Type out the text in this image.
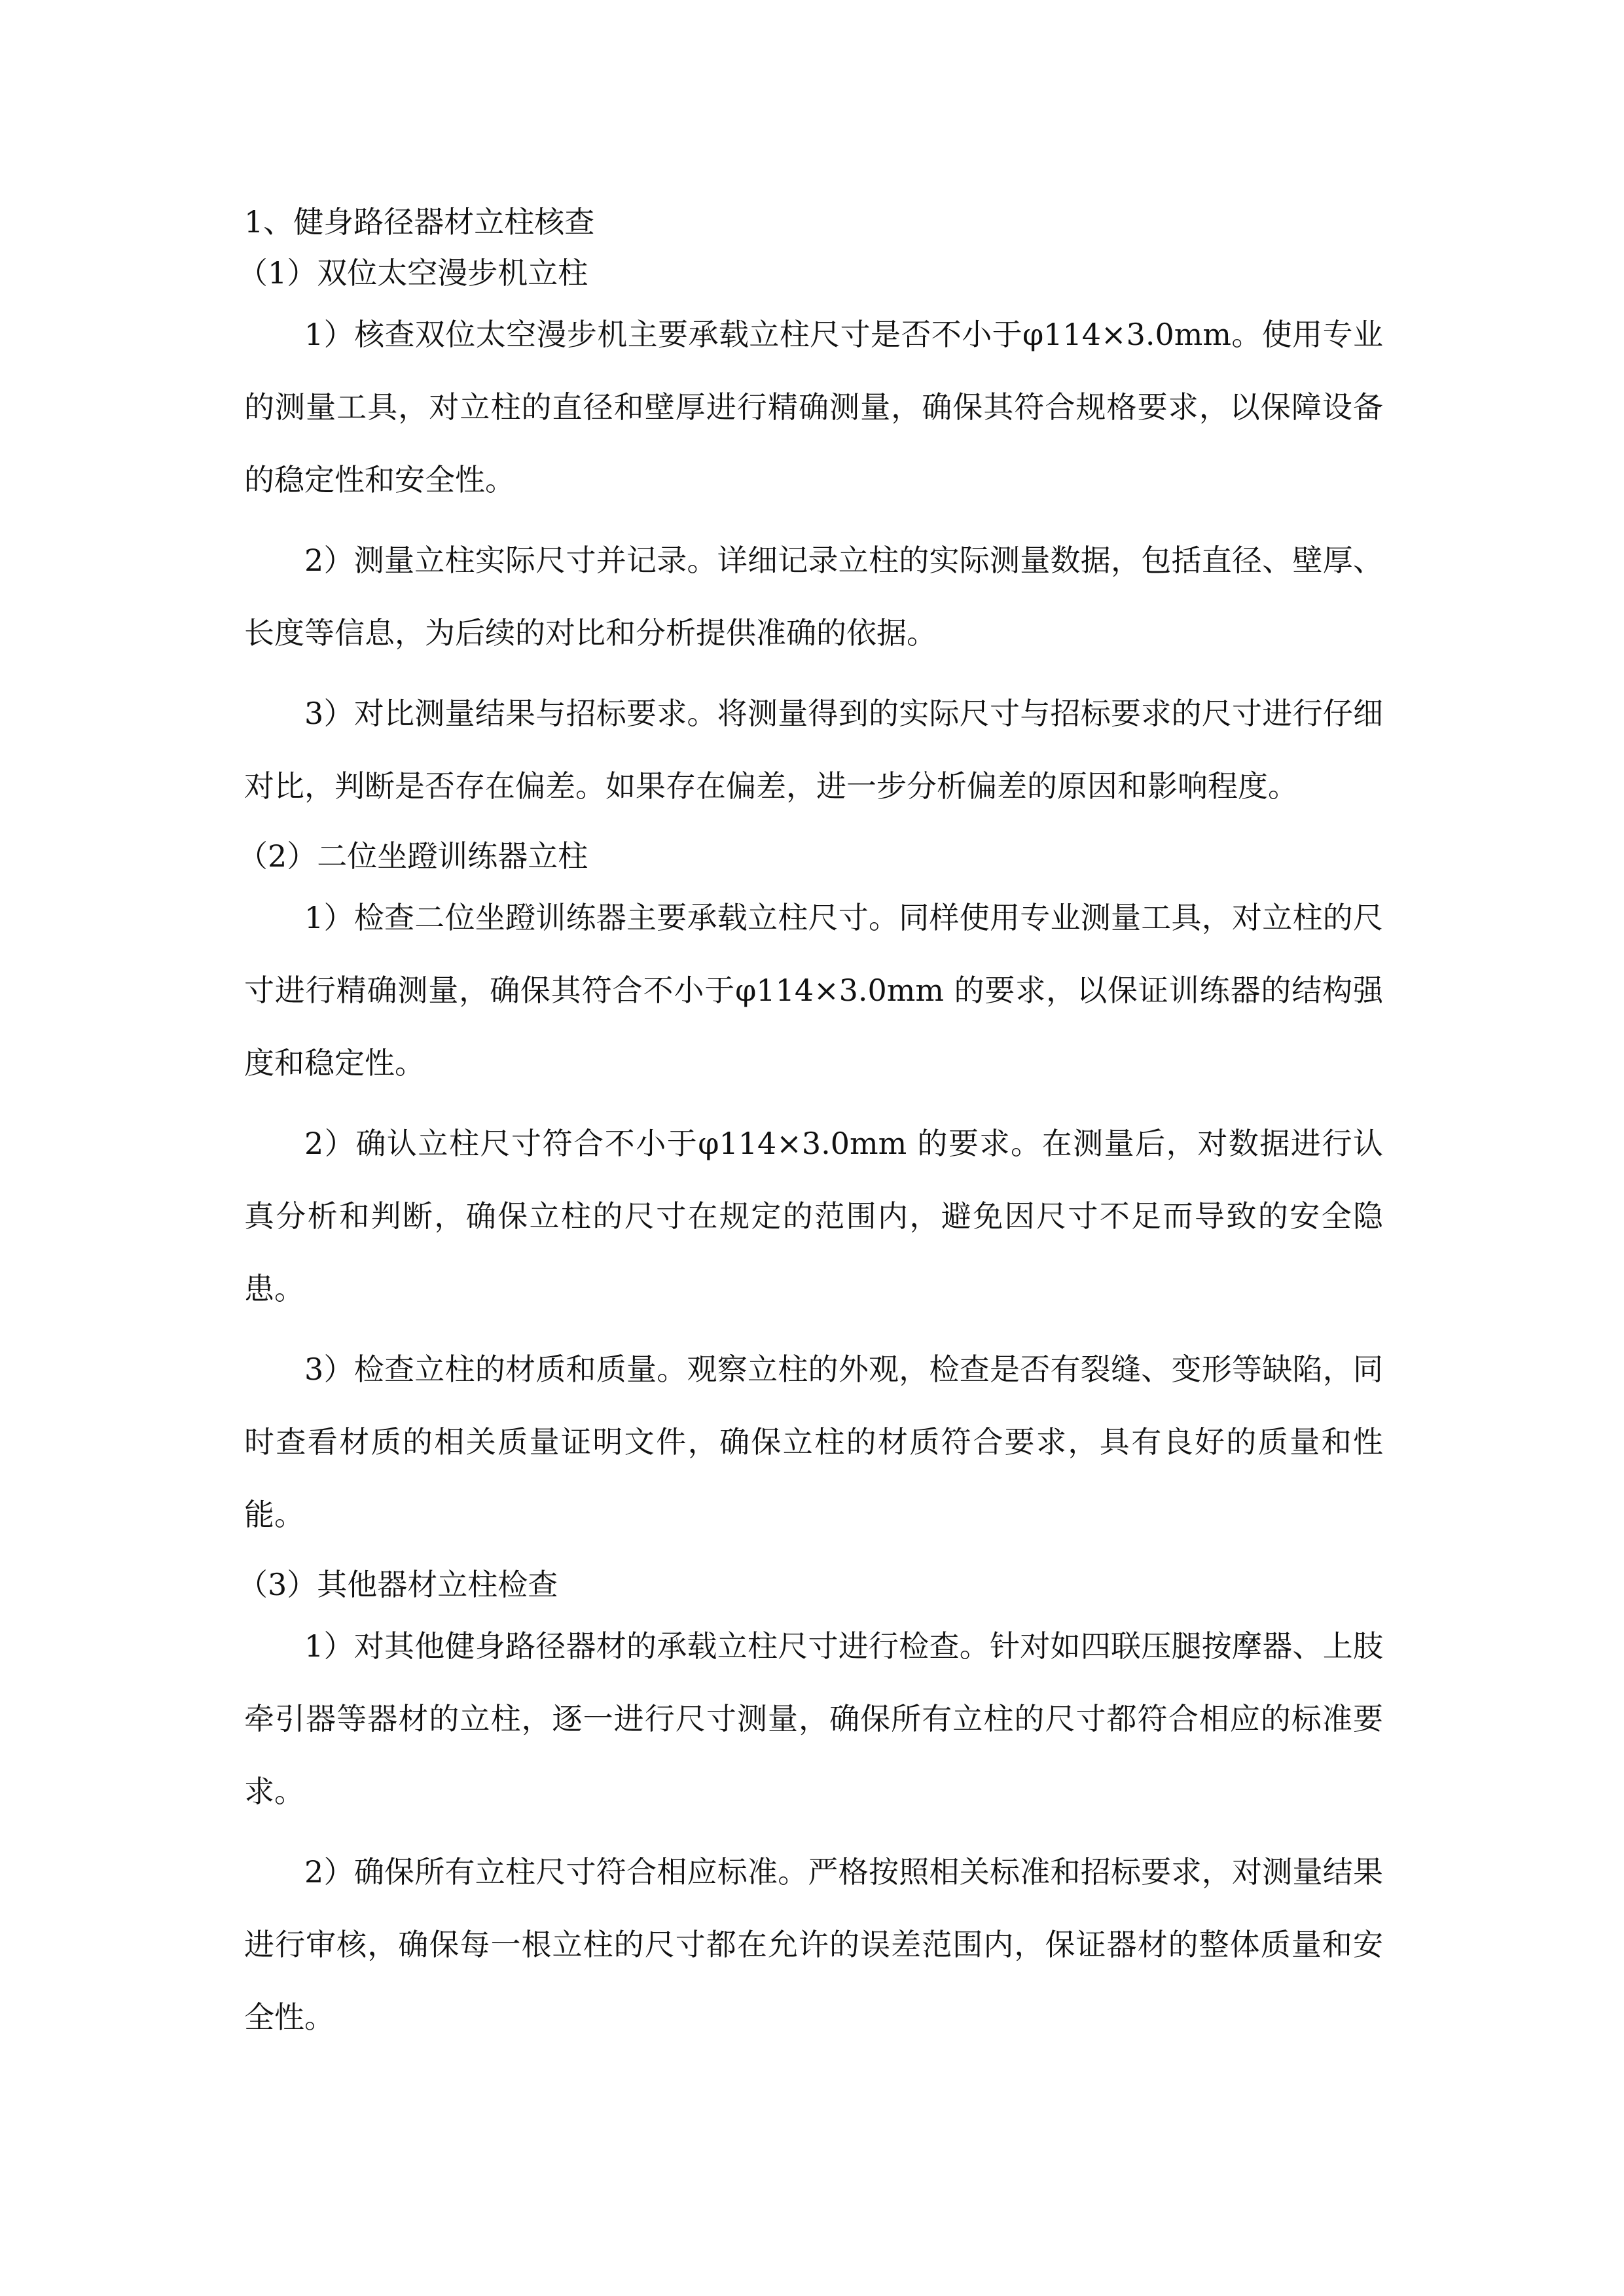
1、健身路径器材立柱核查
（1）双位太空漫步机立柱

1）核查双位太空漫步机主要承载立柱尺寸是否不小于φ114×3.0mm。使用专业的测量工具，对立柱的直径和壁厚进行精确测量，确保其符合规格要求，以保障设备的稳定性和安全性。

2）测量立柱实际尺寸并记录。详细记录立柱的实际测量数据，包括直径、壁厚、长度等信息，为后续的对比和分析提供准确的依据。

3）对比测量结果与招标要求。将测量得到的实际尺寸与招标要求的尺寸进行仔细对比，判断是否存在偏差。如果存在偏差，进一步分析偏差的原因和影响程度。

（2）二位坐蹬训练器立柱

1）检查二位坐蹬训练器主要承载立柱尺寸。同样使用专业测量工具，对立柱的尺寸进行精确测量，确保其符合不小于φ114×3.0mm 的要求，以保证训练器的结构强度和稳定性。

2）确认立柱尺寸符合不小于φ114×3.0mm 的要求。在测量后，对数据进行认真分析和判断，确保立柱的尺寸在规定的范围内，避免因尺寸不足而导致的安全隐患。

3）检查立柱的材质和质量。观察立柱的外观，检查是否有裂缝、变形等缺陷，同时查看材质的相关质量证明文件，确保立柱的材质符合要求，具有良好的质量和性能。

（3）其他器材立柱检查

1）对其他健身路径器材的承载立柱尺寸进行检查。针对如四联压腿按摩器、上肢牵引器等器材的立柱，逐一进行尺寸测量，确保所有立柱的尺寸都符合相应的标准要求。

2）确保所有立柱尺寸符合相应标准。严格按照相关标准和招标要求，对测量结果进行审核，确保每一根立柱的尺寸都在允许的误差范围内，保证器材的整体质量和安全性。
